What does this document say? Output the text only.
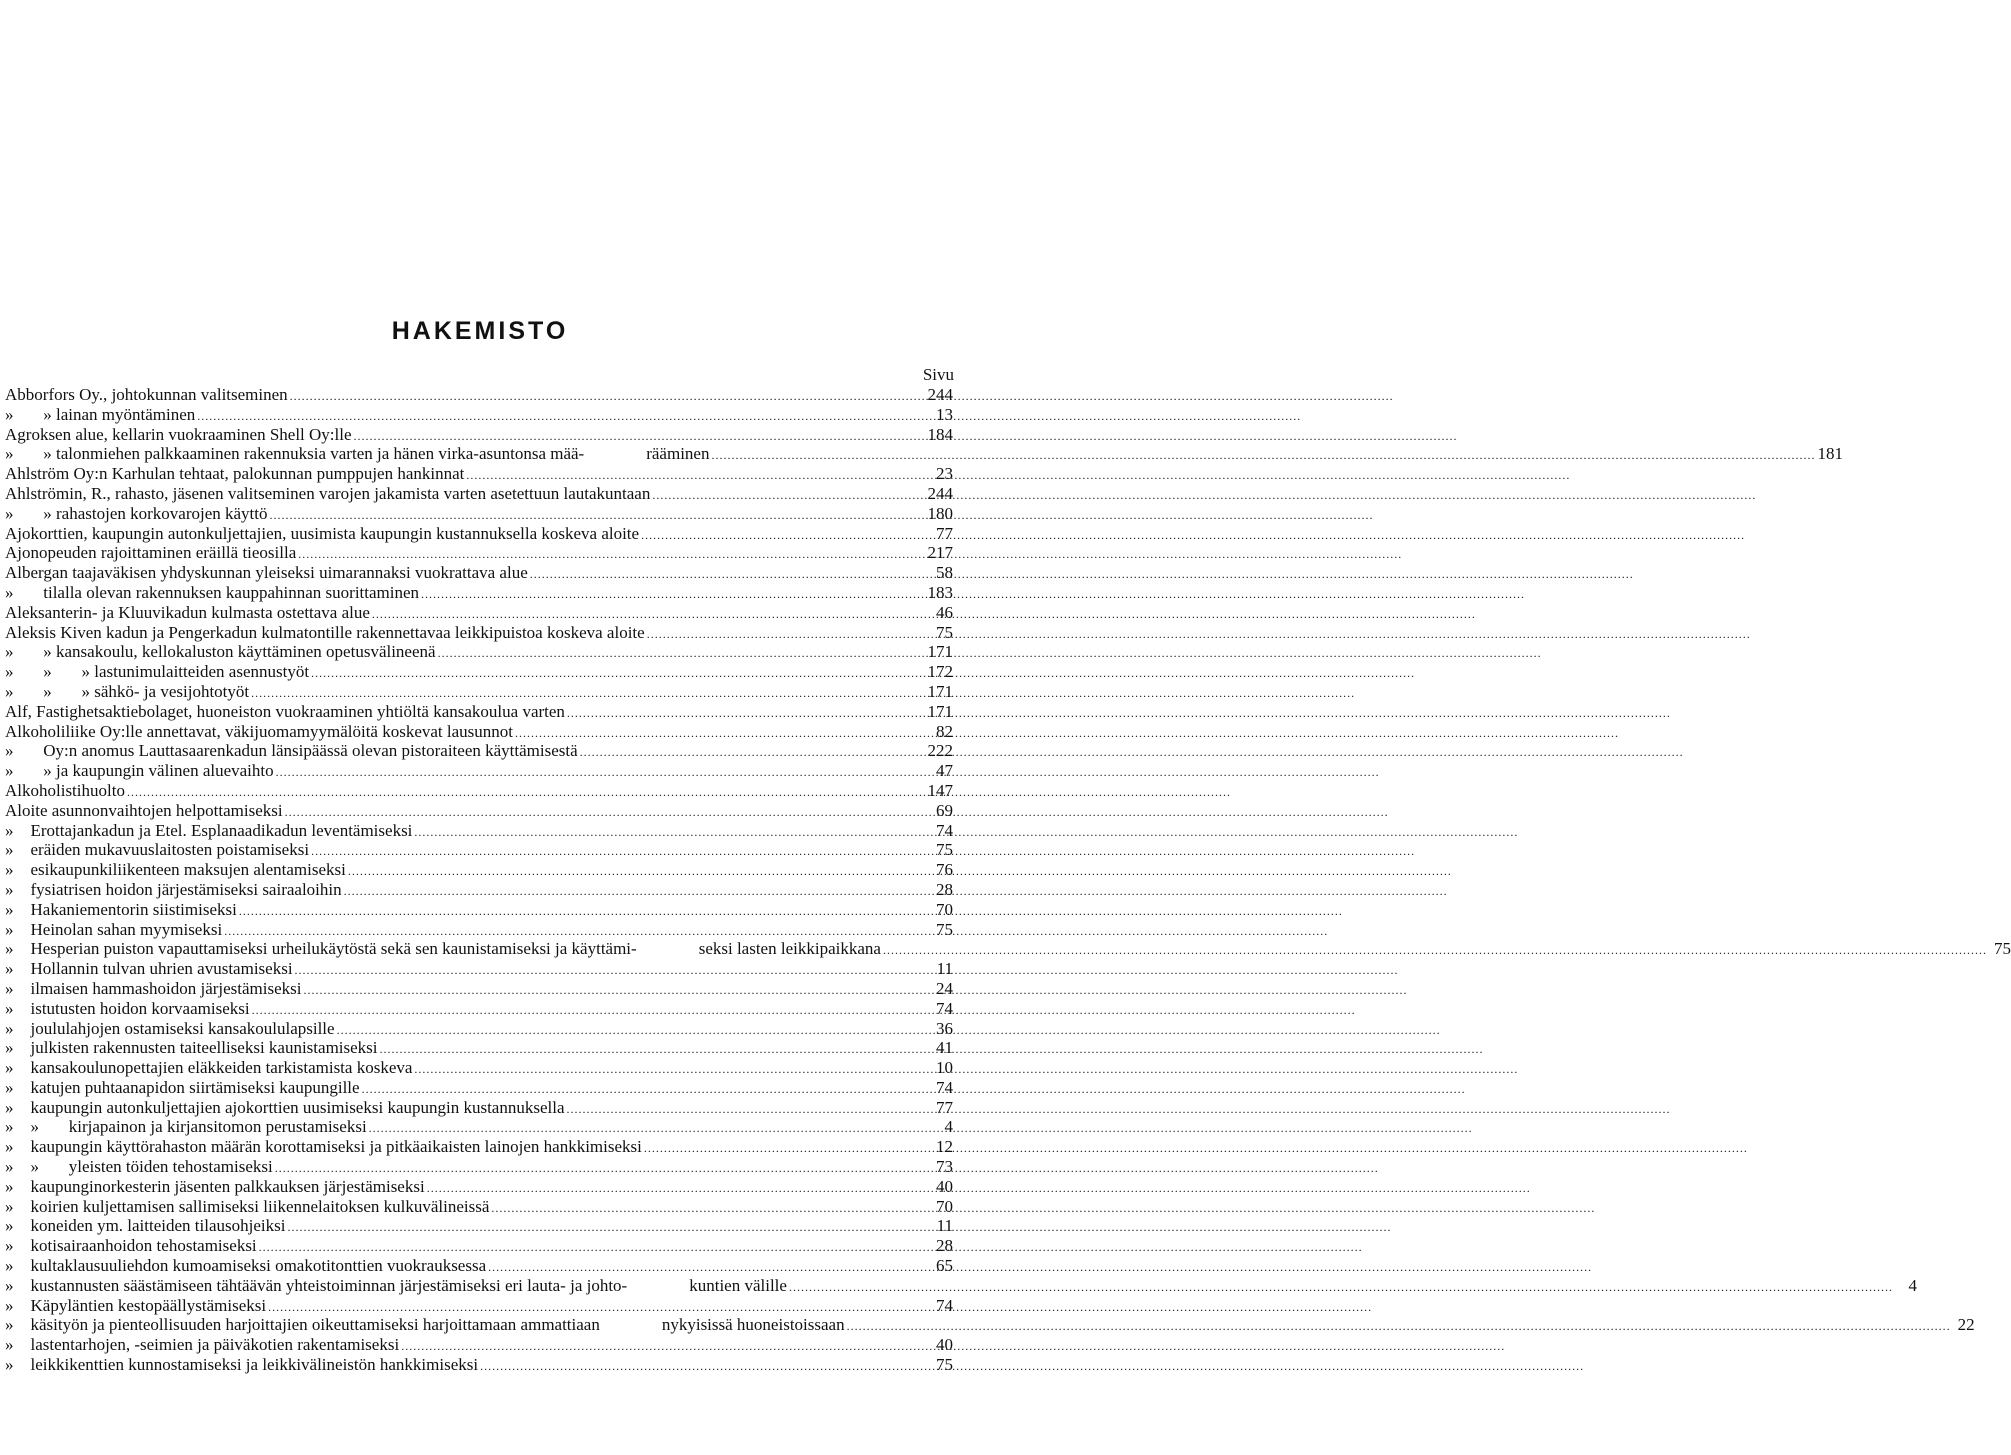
HAKEMISTO
Sivu
Abborfors Oy., johtokunnan valitseminen .....	244
»       » lainan myöntäminen .....	13
Agroksen alue, kellarin vuokraaminen Shell Oy:lle .....	184
»       » talonmiehen palkkaaminen rakennuksia varten ja hänen virka-asuntonsa mää-	rääminen .....	181
Ahlström Oy:n Karhulan tehtaat, palokunnan pumppujen hankinnat .....	23
Ahlströmin, R., rahasto, jäsenen valitseminen varojen jakamista varten asetettuun lautakuntaan .....	244
»       » rahastojen korkovarojen käyttö .....	180
Ajokorttien, kaupungin autonkuljettajien, uusimista kaupungin kustannuksella koskeva aloite .....	77
Ajonopeuden rajoittaminen eräillä tieosilla .....	217
Albergan taajaväkisen yhdyskunnan yleiseksi uimarannaksi vuokrattava alue .....	58
» tilalla olevan rakennuksen kauppahinnan suorittaminen .....	183
Aleksanterin- ja Kluuvikadun kulmasta ostettava alue .....	46
Aleksis Kiven kadun ja Pengerkadun kulmatontille rakennettavaa leikkipuistoa koskeva aloite .....	75
»       » kansakoulu, kellokaluston käyttäminen opetusvälineenä .....	171
»       »       » lastunimulaitteiden asennustyöt .....	172
»       »       » sähkö- ja vesijohtotyöt .....	171
Alf, Fastighetsaktiebolaget, huoneiston vuokraaminen yhtiöltä kansakoulua varten .....	171
Alkoholiliike Oy:lle annettavat, väkijuomamyymälöitä koskevat lausunnot .....	82
» Oy:n anomus Lauttasaarenkadun länsipäässä olevan pistoraiteen käyttämisestä .....	222
»       » ja kaupungin välinen aluevaihto .....	47
Alkoholistihuolto .....	147
Aloite asunnonvaihtojen helpottamiseksi .....	69
» Erottajankadun ja Etel. Esplanaadikadun leventämiseksi .....	74
» eräiden mukavuuslaitosten poistamiseksi .....	75
» esikaupunkiliikenteen maksujen alentamiseksi .....	76
» fysiatrisen hoidon järjestämiseksi sairaaloihin .....	28
» Hakaniementorin siistimiseksi .....	70
» Heinolan sahan myymiseksi .....	75
»    Hesperian puiston vapauttamiseksi urheilukäytöstä sekä sen kaunistamiseksi ja käyttämi-	seksi lasten leikkipaikkana .....	75
» Hollannin tulvan uhrien avustamiseksi .....	11
» ilmaisen hammashoidon järjestämiseksi .....	24
» istutusten hoidon korvaamiseksi .....	74
» joululahjojen ostamiseksi kansakoululapsille .....	36
» julkisten rakennusten taiteelliseksi kaunistamiseksi .....	41
» kansakoulunopettajien eläkkeiden tarkistamista koskeva .....	10
» katujen puhtaanapidon siirtämiseksi kaupungille .....	74
» kaupungin autonkuljettajien ajokorttien uusimiseksi kaupungin kustannuksella .....	77
»    » kirjapainon ja kirjansitomon perustamiseksi .....	4
» kaupungin käyttörahaston määrän korottamiseksi ja pitkäaikaisten lainojen hankkimiseksi .....	12
»    » yleisten töiden tehostamiseksi .....	73
» kaupunginorkesterin jäsenten palkkauksen järjestämiseksi .....	40
» koirien kuljettamisen sallimiseksi liikennelaitoksen kulkuvälineissä .....	70
» koneiden ym. laitteiden tilausohjeiksi .....	11
» kotisairaanhoidon tehostamiseksi .....	28
» kultaklausuuliehdon kumoamiseksi omakotitonttien vuokrauksessa .....	65
»    kustannusten säästämiseen tähtäävän yhteistoiminnan järjestämiseksi eri lauta- ja johto-	kuntien välille .....	4
» Käpyläntien kestopäällystämiseksi .....	74
»    käsityön ja pienteollisuuden harjoittajien oikeuttamiseksi harjoittamaan ammattiaan	nykyisissä huoneistoissaan .....	22
» lastentarhojen, -seimien ja päiväkotien rakentamiseksi .....	40
» leikkikenttien kunnostamiseksi ja leikkivälineistön hankkimiseksi .....	75
